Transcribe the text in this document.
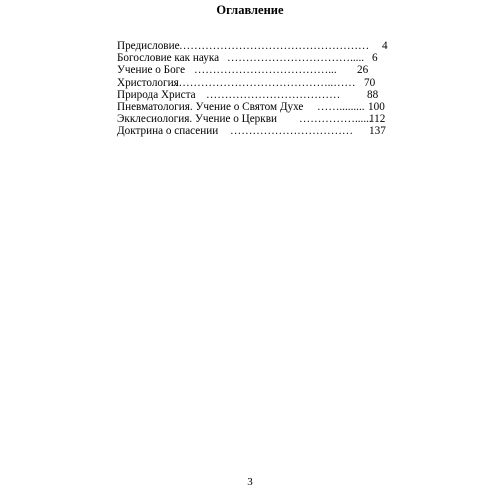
Оглавление
Предисловие …………………………………………… 4
Богословие как наука ……………………………..... 6
Учение о Боге ………………………………... 26
Христология
……………………………………..…… 70
Природа Христа ……………………………… 88
Пневматология. Учение о Святом Духе ……......... 100
Экклесиология. Учение о Церкви ……………......
112
Доктрина о спасении …………………………… 137
3
